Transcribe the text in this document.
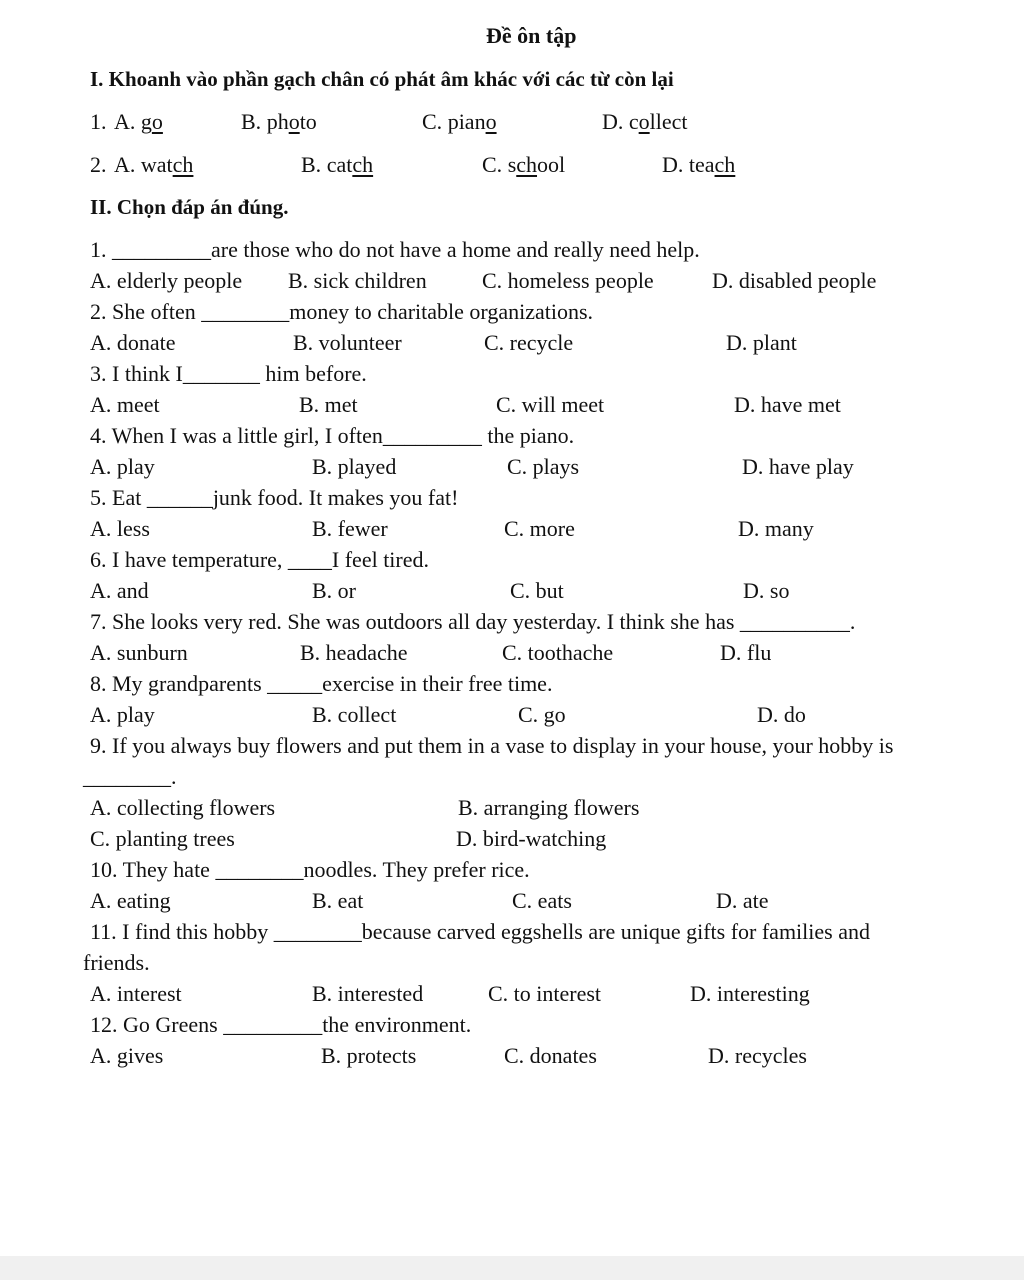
Đề ôn tập
I. Khoanh vào phần gạch chân có phát âm khác với các từ còn lại
1. A. go	B. photo	C. piano	D. collect
2. A. watch	B. catch	C. school	D. teach
II. Chọn đáp án đúng.
1. _________are those who do not have a home and really need help.
A. elderly people B. sick children	C. homeless people	D. disabled people
2. She often ________money to charitable organizations.
A. donate	B. volunteer	C. recycle	D. plant
3. I think I_______ him before.
A. meet	B. met	C. will meet	D. have met
4. When I was a little girl, I often_________ the piano.
A. play	B. played	C. plays	D. have play
5. Eat ______junk food. It makes you fat!
A. less	B. fewer	C. more	D. many
6. I have temperature, ____I feel tired.
A. and	B. or	C. but	D. so
7. She looks very red. She was outdoors all day yesterday. I think she has __________.
A. sunburn	B. headache	C. toothache	D. flu
8. My grandparents _____exercise in their free time.
A. play	B. collect	C. go	D. do
9. If you always buy flowers and put them in a vase to display in your house, your hobby is
________.
A. collecting flowers	B. arranging flowers
C. planting trees	D. bird-watching
10. They hate ________noodles. They prefer rice.
A. eating	B. eat	C. eats	D. ate
11. I find this hobby ________because carved eggshells are unique gifts for families and
friends.
A. interest	B. interested	C. to interest	D. interesting
12. Go Greens _________the environment.
A. gives	B. protects	C. donates	D. recycles
